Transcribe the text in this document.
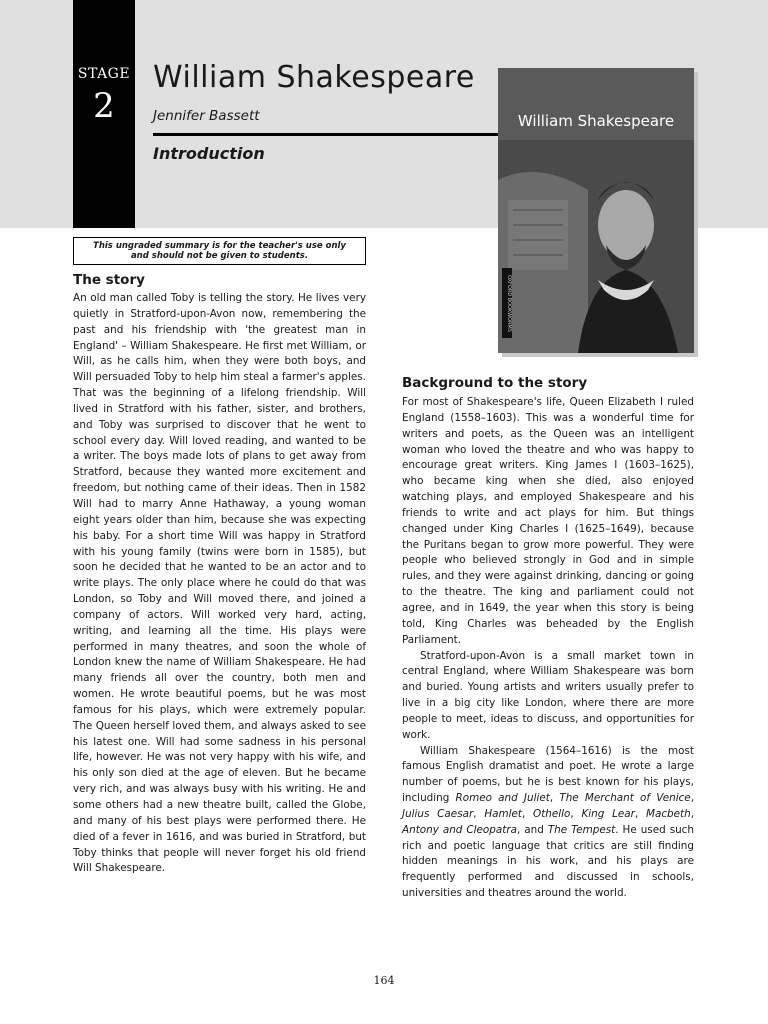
STAGE
2
William Shakespeare
Jennifer Bassett
Introduction
William Shakespeare
OXFORD BOOKWORMS
This ungraded summary is for the teacher's use only
and should not be given to students.
The story

An old man called Toby is telling the story. He lives very quietly in Stratford-upon-Avon now, remembering the past and his friendship with 'the greatest man in England' – William Shakespeare. He first met William, or Will, as he calls him, when they were both boys, and Will persuaded Toby to help him steal a farmer's apples. That was the beginning of a lifelong friendship. Will lived in Stratford with his father, sister, and brothers, and Toby was surprised to discover that he went to school every day. Will loved reading, and wanted to be a writer. The boys made lots of plans to get away from Stratford, because they wanted more excitement and freedom, but nothing came of their ideas. Then in 1582 Will had to marry Anne Hathaway, a young woman eight years older than him, because she was expecting his baby. For a short time Will was happy in Stratford with his young family (twins were born in 1585), but soon he decided that he wanted to be an actor and to write plays. The only place where he could do that was London, so Toby and Will moved there, and joined a company of actors. Will worked very hard, acting, writing, and learning all the time. His plays were performed in many theatres, and soon the whole of London knew the name of William Shakespeare. He had many friends all over the country, both men and women. He wrote beautiful poems, but he was most famous for his plays, which were extremely popular. The Queen herself loved them, and always asked to see his latest one. Will had some sadness in his personal life, however. He was not very happy with his wife, and his only son died at the age of eleven. But he became very rich, and was always busy with his writing. He and some others had a new theatre built, called the Globe, and many of his best plays were performed there. He died of a fever in 1616, and was buried in Stratford, but Toby thinks that people will never forget his old friend Will Shakespeare.

Background to the story

For most of Shakespeare's life, Queen Elizabeth I ruled England (1558–1603). This was a wonderful time for writers and poets, as the Queen was an intelligent woman who loved the theatre and who was happy to encourage great writers. King James I (1603–1625), who became king when she died, also enjoyed watching plays, and employed Shakespeare and his friends to write and act plays for him. But things changed under King Charles I (1625–1649), because the Puritans began to grow more powerful. They were people who believed strongly in God and in simple rules, and they were against drinking, dancing or going to the theatre. The king and parliament could not agree, and in 1649, the year when this story is being told, King Charles was beheaded by the English Parliament.

Stratford-upon-Avon is a small market town in central England, where William Shakespeare was born and buried. Young artists and writers usually prefer to live in a big city like London, where there are more people to meet, ideas to discuss, and opportunities for work.

William Shakespeare (1564–1616) is the most famous English dramatist and poet. He wrote a large number of poems, but he is best known for his plays, including Romeo and Juliet, The Merchant of Venice, Julius Caesar, Hamlet, Othello, King Lear, Macbeth, Antony and Cleopatra, and The Tempest. He used such rich and poetic language that critics are still finding hidden meanings in his work, and his plays are frequently performed and discussed in schools, universities and theatres around the world.

164
